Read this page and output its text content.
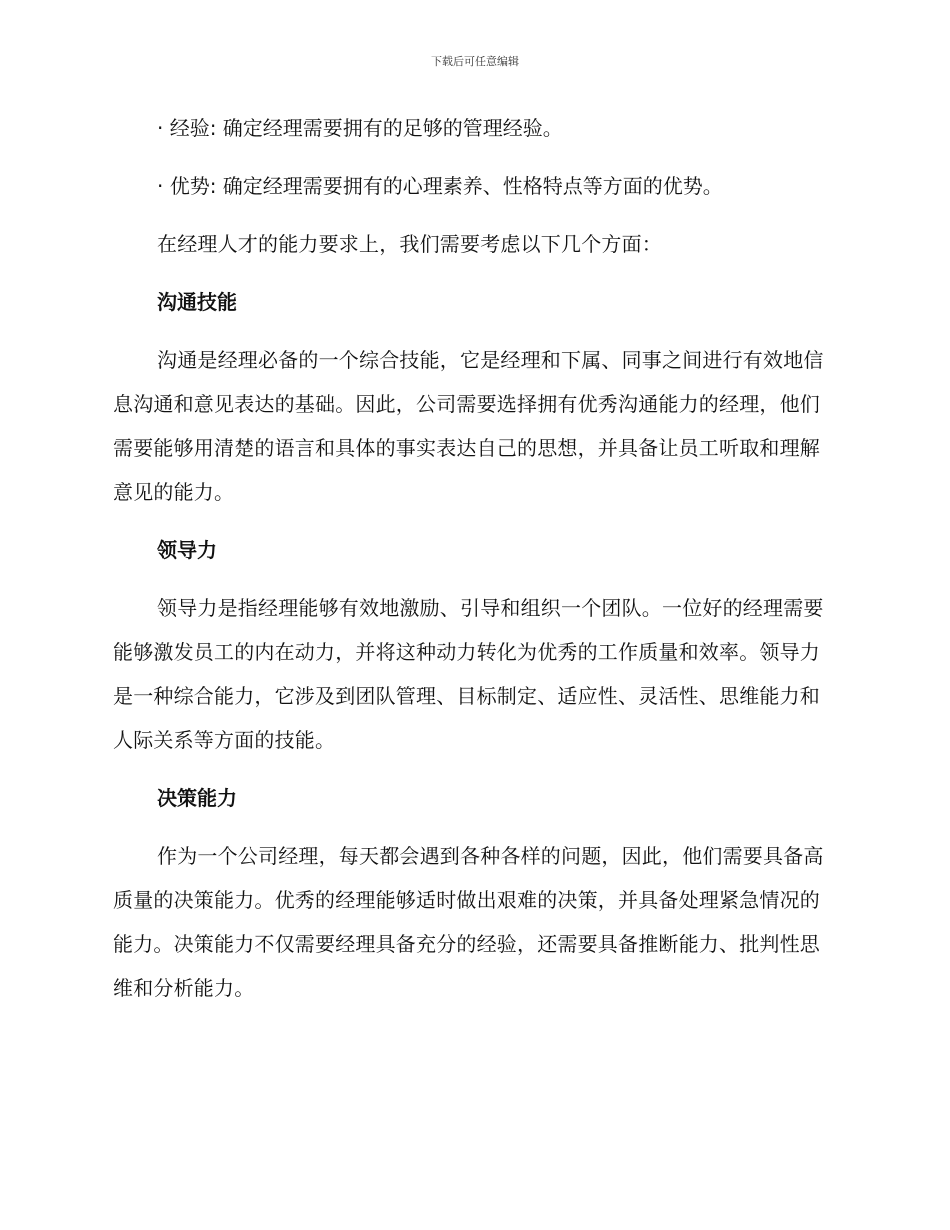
下载后可任意编辑

· 经验: 确定经理需要拥有的足够的管理经验。

· 优势: 确定经理需要拥有的心理素养、性格特点等方面的优势。

在经理人才的能力要求上，我们需要考虑以下几个方面：

沟通技能

沟通是经理必备的一个综合技能，它是经理和下属、同事之间进行有效地信息沟通和意见表达的基础。因此，公司需要选择拥有优秀沟通能力的经理，他们需要能够用清楚的语言和具体的事实表达自己的思想，并具备让员工听取和理解意见的能力。

领导力

领导力是指经理能够有效地激励、引导和组织一个团队。一位好的经理需要能够激发员工的内在动力，并将这种动力转化为优秀的工作质量和效率。领导力是一种综合能力，它涉及到团队管理、目标制定、适应性、灵活性、思维能力和人际关系等方面的技能。

决策能力

作为一个公司经理，每天都会遇到各种各样的问题，因此，他们需要具备高质量的决策能力。优秀的经理能够适时做出艰难的决策，并具备处理紧急情况的能力。决策能力不仅需要经理具备充分的经验，还需要具备推断能力、批判性思维和分析能力。
